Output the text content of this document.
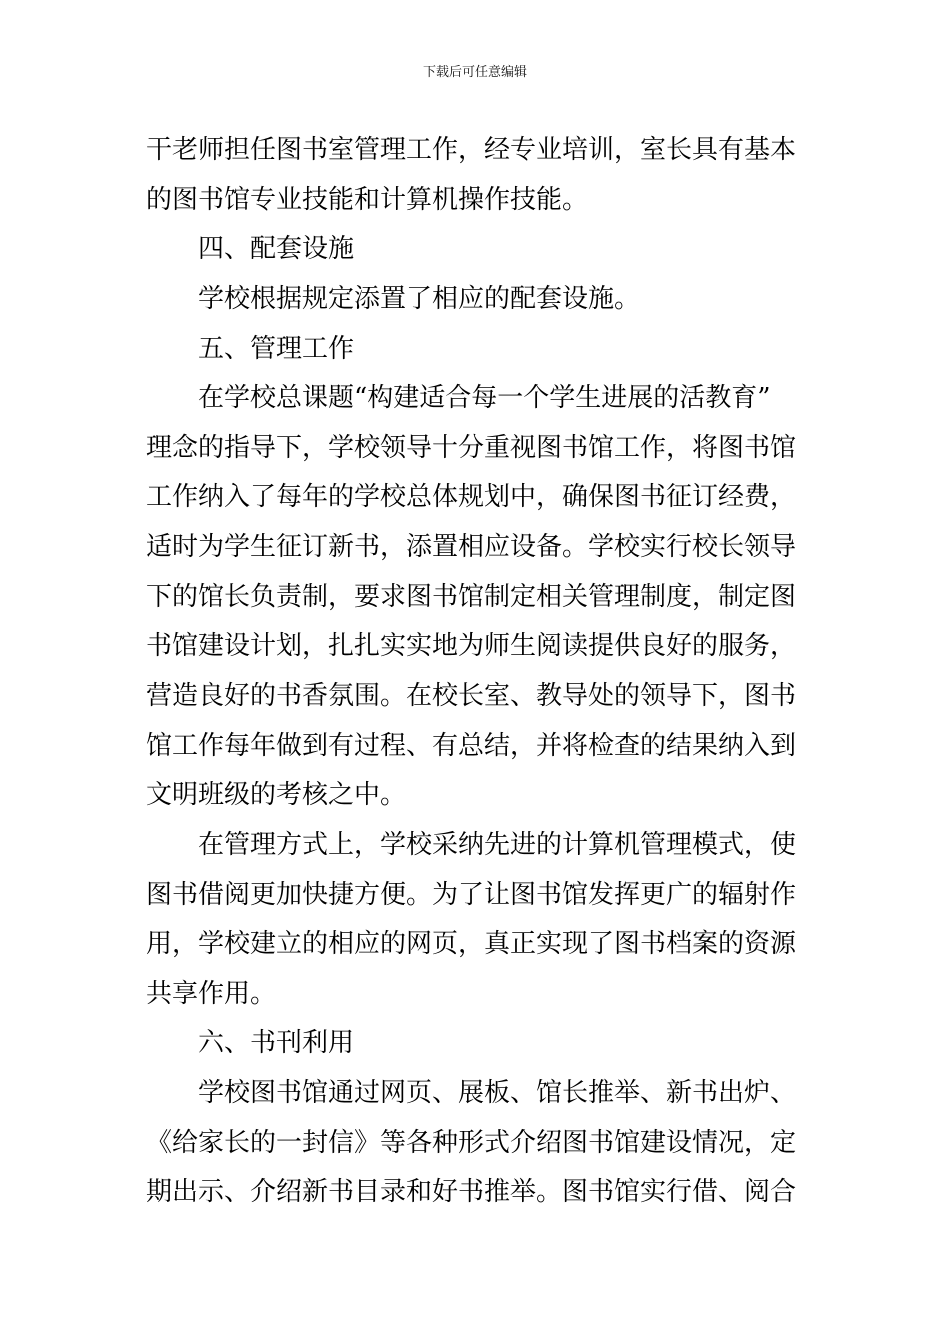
下载后可任意编辑
干老师担任图书室管理工作，经专业培训，室长具有基本
的图书馆专业技能和计算机操作技能。
四、配套设施
学校根据规定添置了相应的配套设施。
五、管理工作
在学校总课题“构建适合每一个学生进展的活教育”
理念的指导下，学校领导十分重视图书馆工作，将图书馆
工作纳入了每年的学校总体规划中，确保图书征订经费，
适时为学生征订新书，添置相应设备。学校实行校长领导
下的馆长负责制，要求图书馆制定相关管理制度，制定图
书馆建设计划，扎扎实实地为师生阅读提供良好的服务，
营造良好的书香氛围。在校长室、教导处的领导下，图书
馆工作每年做到有过程、有总结，并将检查的结果纳入到
文明班级的考核之中。
在管理方式上，学校采纳先进的计算机管理模式，使
图书借阅更加快捷方便。为了让图书馆发挥更广的辐射作
用，学校建立的相应的网页，真正实现了图书档案的资源
共享作用。
六、书刊利用
学校图书馆通过网页、展板、馆长推举、新书出炉、
《给家长的一封信》等各种形式介绍图书馆建设情况，定
期出示、介绍新书目录和好书推举。图书馆实行借、阅合
